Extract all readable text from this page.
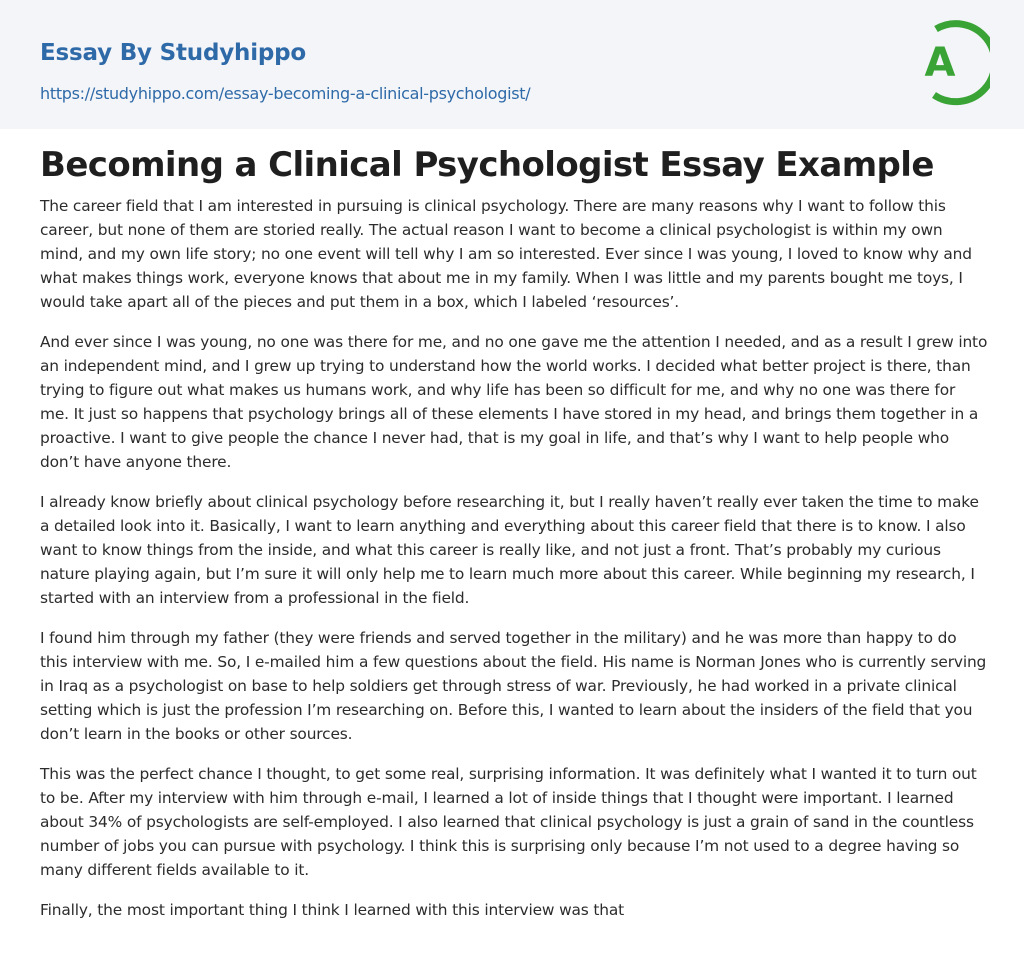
Essay By Studyhippo
https://studyhippo.com/essay-becoming-a-clinical-psychologist/
A
Becoming a Clinical Psychologist Essay Example

The career field that I am interested in pursuing is clinical psychology. There are many reasons why I want to follow this career, but none of them are storied really. The actual reason I want to become a clinical psychologist is within my own mind, and my own life story; no one event will tell why I am so interested. Ever since I was young, I loved to know why and what makes things work, everyone knows that about me in my family. When I was little and my parents bought me toys, I would take apart all of the pieces and put them in a box, which I labeled ‘resources’.

And ever since I was young, no one was there for me, and no one gave me the attention I needed, and as a result I grew into an independent mind, and I grew up trying to understand how the world works. I decided what better project is there, than trying to figure out what makes us humans work, and why life has been so difficult for me, and why no one was there for me. It just so happens that psychology brings all of these elements I have stored in my head, and brings them together in a proactive. I want to give people the chance I never had, that is my goal in life, and that’s why I want to help people who don’t have anyone there.

I already know briefly about clinical psychology before researching it, but I really haven’t really ever taken the time to make a detailed look into it. Basically, I want to learn anything and everything about this career field that there is to know. I also want to know things from the inside, and what this career is really like, and not just a front. That’s probably my curious nature playing again, but I’m sure it will only help me to learn much more about this career. While beginning my research, I started with an interview from a professional in the field.

I found him through my father (they were friends and served together in the military) and he was more than happy to do this interview with me. So, I e-mailed him a few questions about the field. His name is Norman Jones who is currently serving in Iraq as a psychologist on base to help soldiers get through stress of war. Previously, he had worked in a private clinical setting which is just the profession I’m researching on. Before this, I wanted to learn about the insiders of the field that you don’t learn in the books or other sources.

This was the perfect chance I thought, to get some real, surprising information. It was definitely what I wanted it to turn out to be. After my interview with him through e-mail, I learned a lot of inside things that I thought were important. I learned about 34% of psychologists are self-employed. I also learned that clinical psychology is just a grain of sand in the countless number of jobs you can pursue with psychology. I think this is surprising only because I’m not used to a degree having so many different fields available to it.

Finally, the most important thing I think I learned with this interview was that
